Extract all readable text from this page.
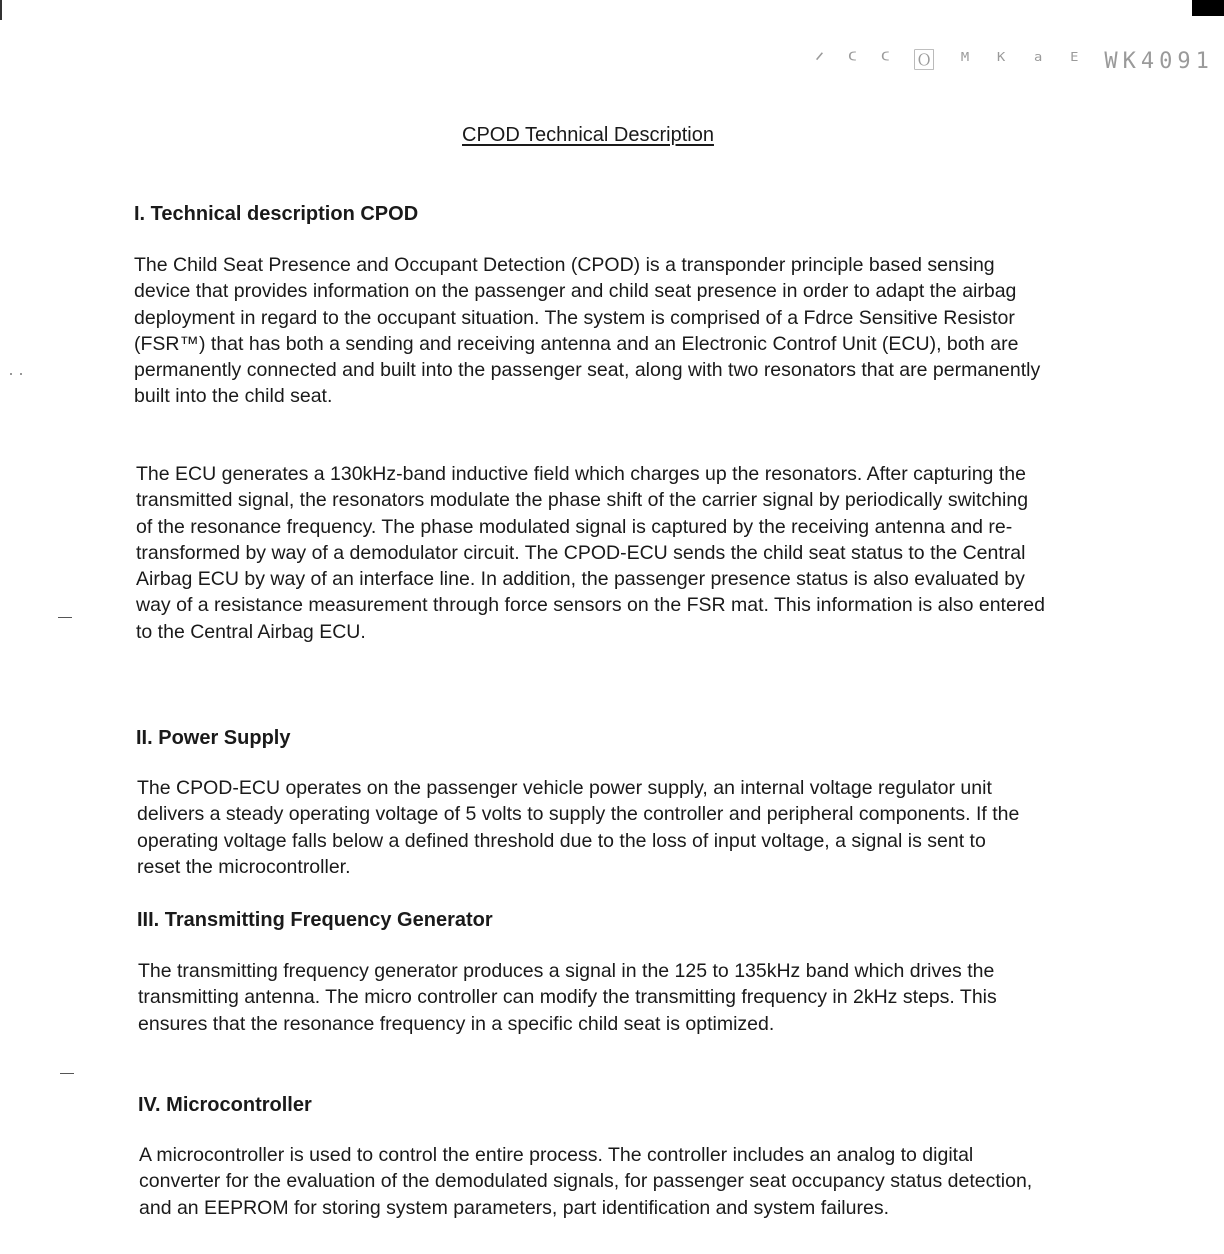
ᐟ ᑦ ᑦ 🄾 ᴹ ᴷ ᵃ ᴱ WK4091
CPOD Technical Description
I. Technical description CPOD

The Child Seat Presence and Occupant Detection (CPOD) is a transponder principle based sensing device that provides information on the passenger and child seat presence in order to adapt the airbag deployment in regard to the occupant situation. The system is comprised of a Fdrce Sensitive Resistor (FSR™) that has both a sending and receiving antenna and an Electronic Controf Unit (ECU), both are permanently connected and built into the passenger seat, along with two resonators that are permanently built into the child seat.

The ECU generates a 130kHz-band inductive field which charges up the resonators. After capturing the transmitted signal, the resonators modulate the phase shift of the carrier signal by periodically switching of the resonance frequency. The phase modulated signal is captured by the receiving antenna and re-transformed by way of a demodulator circuit. The CPOD-ECU sends the child seat status to the Central Airbag ECU by way of an interface line. In addition, the passenger presence status is also evaluated by way of a resistance measurement through force sensors on the FSR mat. This information is also entered to the Central Airbag ECU.

II. Power Supply

The CPOD-ECU operates on the passenger vehicle power supply, an internal voltage regulator unit delivers a steady operating voltage of 5 volts to supply the controller and peripheral components. If the operating voltage falls below a defined threshold due to the loss of input voltage, a signal is sent to reset the microcontroller.

III. Transmitting Frequency Generator

The transmitting frequency generator produces a signal in the 125 to 135kHz band which drives the transmitting antenna. The micro controller can modify the transmitting frequency in 2kHz steps. This ensures that the resonance frequency in a specific child seat is optimized.

IV. Microcontroller

A microcontroller is used to control the entire process. The controller includes an analog to digital converter for the evaluation of the demodulated signals, for passenger seat occupancy status detection, and an EEPROM for storing system parameters, part identification and system failures.
